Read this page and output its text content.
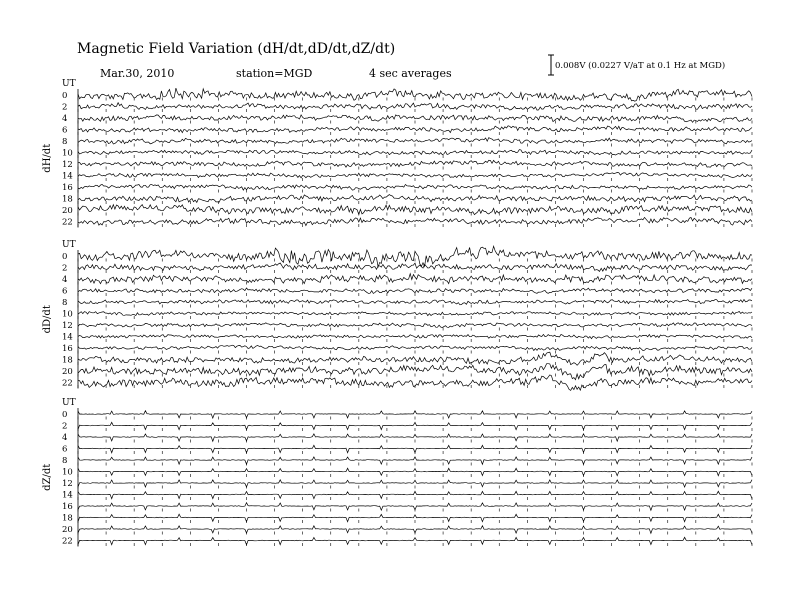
Magnetic Field Variation (dH/dt,dD/dt,dZ/dt)
Mar.30, 2010	station=MGD	4 sec averages
0.008V (0.0227 V/aT at 0.1 Hz at MGD)
UT
dH/dt
0
2
4
6
8
10
12
14
16
18
20
22
UT
dD/dt
0
2
4
6
8
10
12
14
16
18
20
22
UT
dZ/dt
0
2
4
6
8
10
12
14
16
18
20
22
